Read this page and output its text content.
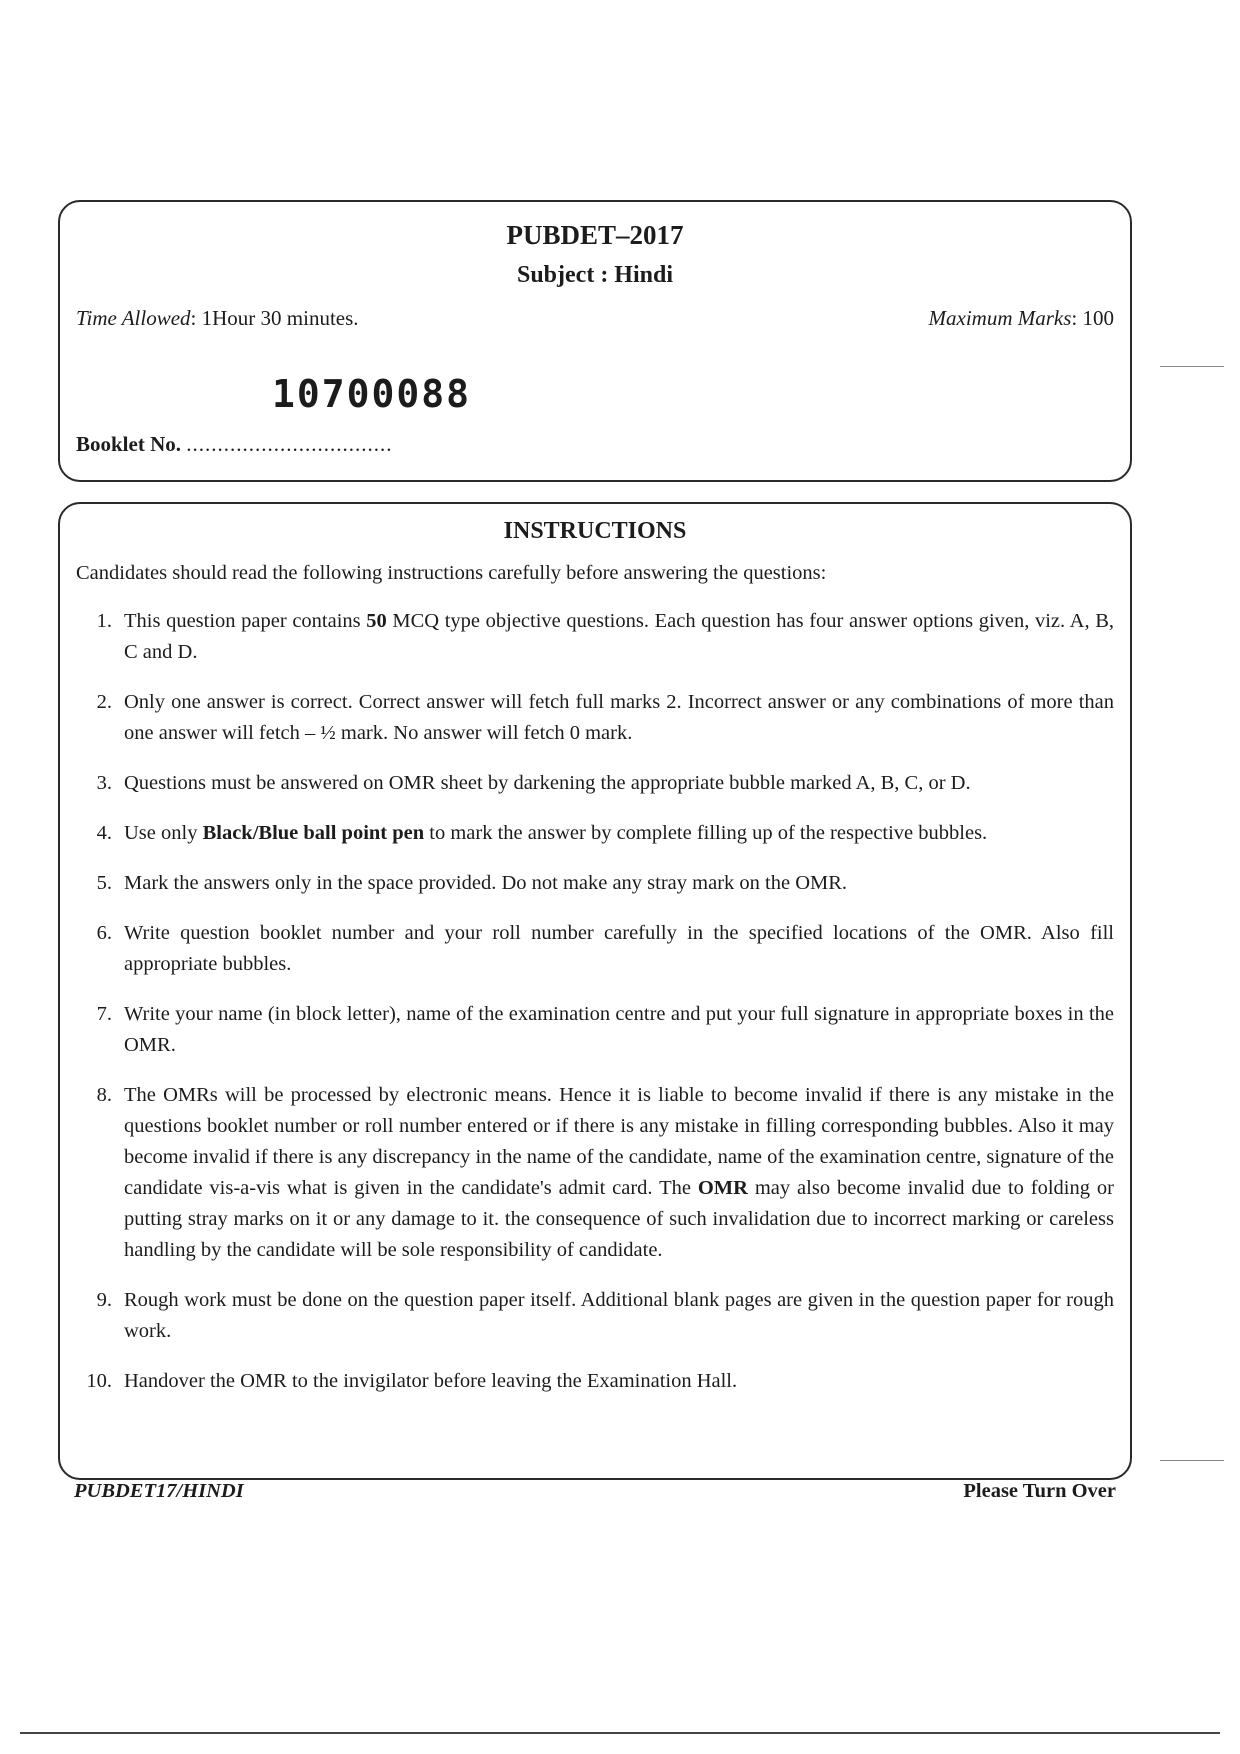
PUBDET–2017
Subject : Hindi
Time Allowed: 1Hour 30 minutes.	Maximum Marks: 100
10700088
Booklet No. .................................
INSTRUCTIONS
Candidates should read the following instructions carefully before answering the questions:
1. This question paper contains 50 MCQ type objective questions. Each question has four answer options given, viz. A, B, C and D.
2. Only one answer is correct. Correct answer will fetch full marks 2. Incorrect answer or any combinations of more than one answer will fetch – ½ mark. No answer will fetch 0 mark.
3. Questions must be answered on OMR sheet by darkening the appropriate bubble marked A, B, C, or D.
4. Use only Black/Blue ball point pen to mark the answer by complete filling up of the respective bubbles.
5. Mark the answers only in the space provided. Do not make any stray mark on the OMR.
6. Write question booklet number and your roll number carefully in the specified locations of the OMR. Also fill appropriate bubbles.
7. Write your name (in block letter), name of the examination centre and put your full signature in appropriate boxes in the OMR.
8. The OMRs will be processed by electronic means. Hence it is liable to become invalid if there is any mistake in the questions booklet number or roll number entered or if there is any mistake in filling corresponding bubbles. Also it may become invalid if there is any discrepancy in the name of the candidate, name of the examination centre, signature of the candidate vis-a-vis what is given in the candidate's admit card. The OMR may also become invalid due to folding or putting stray marks on it or any damage to it. the consequence of such invalidation due to incorrect marking or careless handling by the candidate will be sole responsibility of candidate.
9. Rough work must be done on the question paper itself. Additional blank pages are given in the question paper for rough work.
10. Handover the OMR to the invigilator before leaving the Examination Hall.
PUBDET17/HINDI	Please Turn Over
